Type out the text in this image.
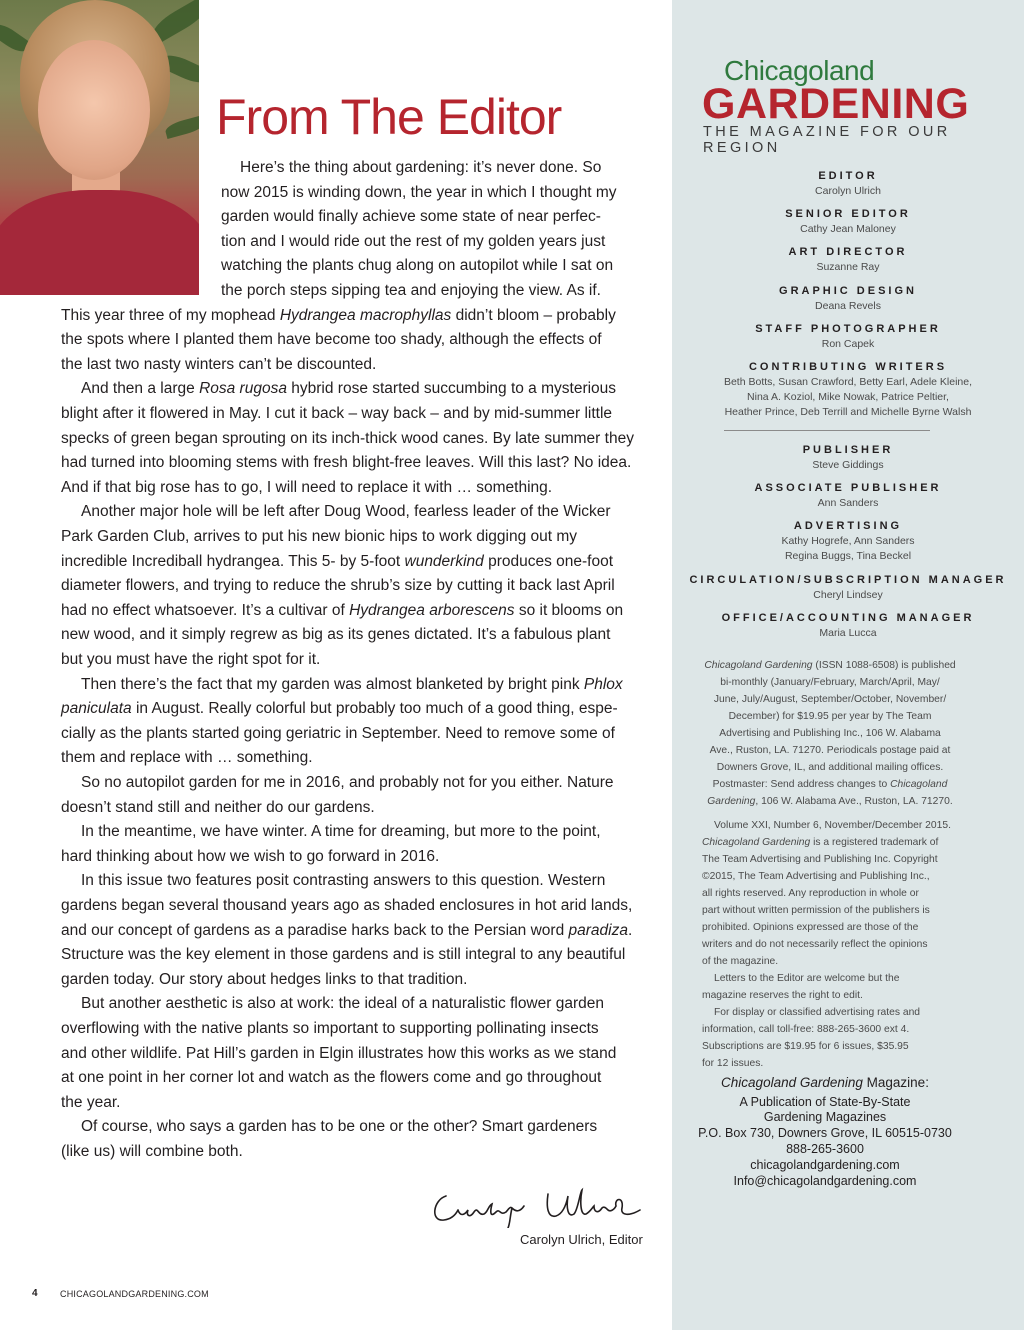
From The Editor
Here’s the thing about gardening: it’s never done. So
now 2015 is winding down, the year in which I thought my
garden would finally achieve some state of near perfec-
tion and I would ride out the rest of my golden years just
watching the plants chug along on autopilot while I sat on
the porch steps sipping tea and enjoying the view. As if.
This year three of my mophead Hydrangea macrophyllas didn’t bloom – probably
the spots where I planted them have become too shady, although the effects of
the last two nasty winters can’t be discounted.
And then a large Rosa rugosa hybrid rose started succumbing to a mysterious
blight after it flowered in May. I cut it back – way back – and by mid-summer little
specks of green began sprouting on its inch-thick wood canes. By late summer they
had turned into blooming stems with fresh blight-free leaves. Will this last? No idea.
And if that big rose has to go, I will need to replace it with … something.
Another major hole will be left after Doug Wood, fearless leader of the Wicker
Park Garden Club, arrives to put his new bionic hips to work digging out my
incredible Incrediball hydrangea. This 5- by 5-foot wunderkind produces one-foot
diameter flowers, and trying to reduce the shrub’s size by cutting it back last April
had no effect whatsoever. It’s a cultivar of Hydrangea arborescens so it blooms on
new wood, and it simply regrew as big as its genes dictated. It’s a fabulous plant
but you must have the right spot for it.
Then there’s the fact that my garden was almost blanketed by bright pink Phlox
paniculata in August. Really colorful but probably too much of a good thing, espe-
cially as the plants started going geriatric in September. Need to remove some of
them and replace with … something.
So no autopilot garden for me in 2016, and probably not for you either. Nature
doesn’t stand still and neither do our gardens.
In the meantime, we have winter. A time for dreaming, but more to the point,
hard thinking about how we wish to go forward in 2016.
In this issue two features posit contrasting answers to this question. Western
gardens began several thousand years ago as shaded enclosures in hot arid lands,
and our concept of gardens as a paradise harks back to the Persian word paradiza.
Structure was the key element in those gardens and is still integral to any beautiful
garden today. Our story about hedges links to that tradition.
But another aesthetic is also at work: the ideal of a naturalistic flower garden
overflowing with the native plants so important to supporting pollinating insects
and other wildlife. Pat Hill’s garden in Elgin illustrates how this works as we stand
at one point in her corner lot and watch as the flowers come and go throughout
the year.
Of course, who says a garden has to be one or the other? Smart gardeners
(like us) will combine both.
Carolyn Ulrich
Carolyn Ulrich, Editor
4 CHICAGOLANDGARDENING.COM
Chicagoland
GARDENING
THE MAGAZINE FOR OUR REGION
EDITOR
Carolyn Ulrich
SENIOR EDITOR
Cathy Jean Maloney
ART DIRECTOR
Suzanne Ray
GRAPHIC DESIGN
Deana Revels
STAFF PHOTOGRAPHER
Ron Capek
CONTRIBUTING WRITERS
Beth Botts, Susan Crawford, Betty Earl, Adele Kleine,
Nina A. Koziol, Mike Nowak, Patrice Peltier,
Heather Prince, Deb Terrill and Michelle Byrne Walsh
PUBLISHER
Steve Giddings
ASSOCIATE PUBLISHER
Ann Sanders
ADVERTISING
Kathy Hogrefe, Ann Sanders
Regina Buggs, Tina Beckel
CIRCULATION/SUBSCRIPTION MANAGER
Cheryl Lindsey
OFFICE/ACCOUNTING MANAGER
Maria Lucca
Chicagoland Gardening (ISSN 1088-6508) is published
bi-monthly (January/February, March/April, May/
June, July/August, September/October, November/
December) for $19.95 per year by The Team
Advertising and Publishing Inc., 106 W. Alabama
Ave., Ruston, LA. 71270. Periodicals postage paid at
Downers Grove, IL, and additional mailing offices.
Postmaster: Send address changes to Chicagoland
Gardening, 106 W. Alabama Ave., Ruston, LA. 71270.
Volume XXI, Number 6, November/December 2015.
Chicagoland Gardening is a registered trademark of
The Team Advertising and Publishing Inc. Copyright
©2015, The Team Advertising and Publishing Inc.,
all rights reserved. Any reproduction in whole or
part without written permission of the publishers is
prohibited. Opinions expressed are those of the
writers and do not necessarily reflect the opinions
of the magazine.
Letters to the Editor are welcome but the
magazine reserves the right to edit.
For display or classified advertising rates and
information, call toll-free: 888-265-3600 ext 4.
Subscriptions are $19.95 for 6 issues, $35.95
for 12 issues.
Chicagoland Gardening Magazine:
A Publication of State-By-State
Gardening Magazines
P.O. Box 730, Downers Grove, IL 60515-0730
888-265-3600
chicagolandgardening.com
Info@chicagolandgardening.com
